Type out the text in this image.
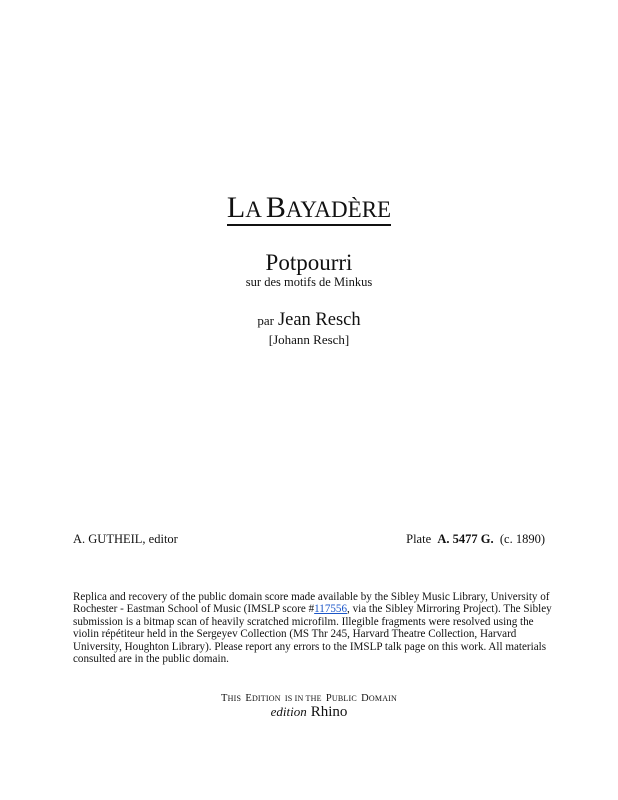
LA BAYADÈRE
Potpourri
sur des motifs de Minkus
par Jean Resch
[Johann Resch]
A. GUTHEIL, editor	Plate A. 5477 G. (c. 1890)
Replica and recovery of the public domain score made available by the Sibley Music Library, University of Rochester - Eastman School of Music (IMSLP score #117556, via the Sibley Mirroring Project). The Sibley submission is a bitmap scan of heavily scratched microfilm. Illegible fragments were resolved using the violin répétiteur held in the Sergeyev Collection (MS Thr 245, Harvard Theatre Collection, Harvard University, Houghton Library). Please report any errors to the IMSLP talk page on this work. All materials consulted are in the public domain.
THIS EDITION IS IN THE PUBLIC DOMAIN
edition Rhino
